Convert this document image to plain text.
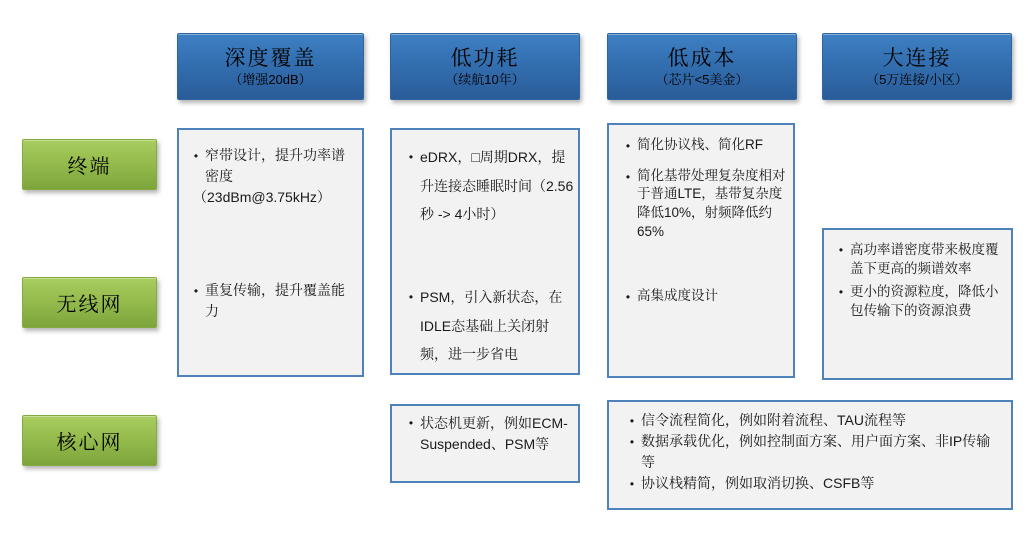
深度覆盖
（增强20dB）
低功耗
（续航10年）
低成本
（芯片<5美金）
大连接
（5万连接/小区）
终端
无线网
核心网
• 窄带设计，提升功率谱密度
（23dBm@3.75kHz）
• 重复传输，提升覆盖能力
• eDRX，□周期DRX，提升连接态睡眠时间（2.56秒 -> 4小时）
• PSM，引入新状态，在IDLE态基础上关闭射频，进一步省电
• 简化协议栈、简化RF
• 简化基带处理复杂度相对于普通LTE，基带复杂度降低10%，射频降低约65%
• 高集成度设计
• 高功率谱密度带来极度覆盖下更高的频谱效率
• 更小的资源粒度，降低小包传输下的资源浪费
• 状态机更新，例如ECM-Suspended、PSM等
• 信令流程简化，例如附着流程、TAU流程等
• 数据承载优化，例如控制面方案、用户面方案、非IP传输等
• 协议栈精简，例如取消切换、CSFB等
